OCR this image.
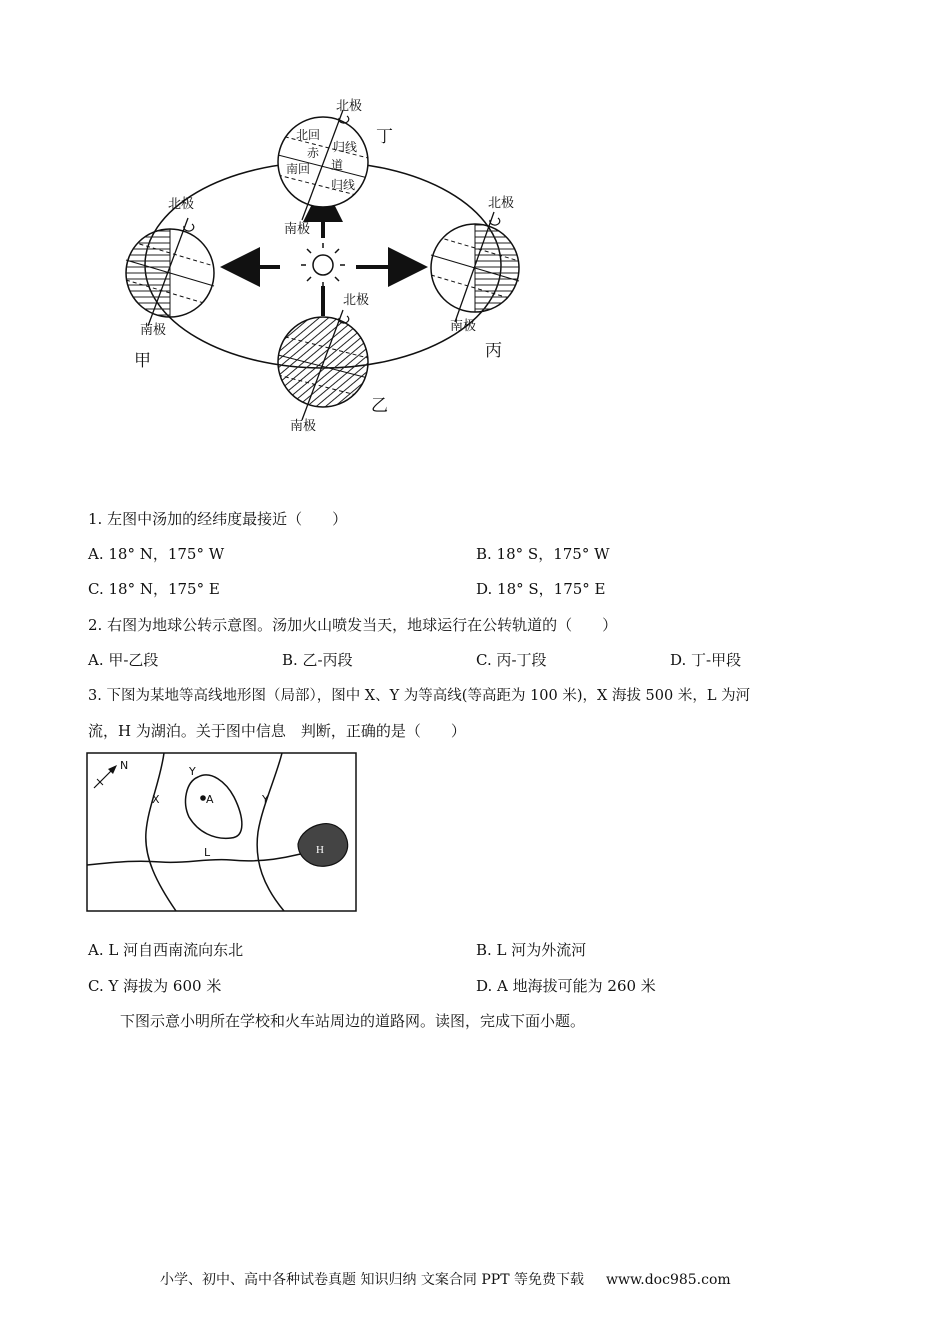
北极
南极
甲
北极
南极
丙
北回
归线
赤
道
南回
归线
北极
丁
南极
北极
乙
南极
1. 左图中汤加的经纬度最接近（　　）
A. 18° N，175° W	B. 18° S，175° W
C. 18° N，175° E	D. 18° S，175° E
2. 右图为地球公转示意图。汤加火山喷发当天，地球运行在公转轨道的（　　）
A. 甲-乙段	B. 乙-丙段	C. 丙-丁段	D. 丁-甲段
3. 下图为某地等高线地形图（局部），图中 X、Y 为等高线(等高距为 100 米)，X 海拔 500 米，L 为河
流，H 为湖泊。关于图中信息　判断，正确的是（　　）
N
X	Y
Y
A
L	H
A. L 河自西南流向东北	B. L 河为外流河
C. Y 海拔为 600 米	D. A 地海拔可能为 260 米
下图示意小明所在学校和火车站周边的道路网。读图，完成下面小题。
小学、初中、高中各种试卷真题 知识归纳 文案合同 PPT 等免费下载 www.doc985.com
